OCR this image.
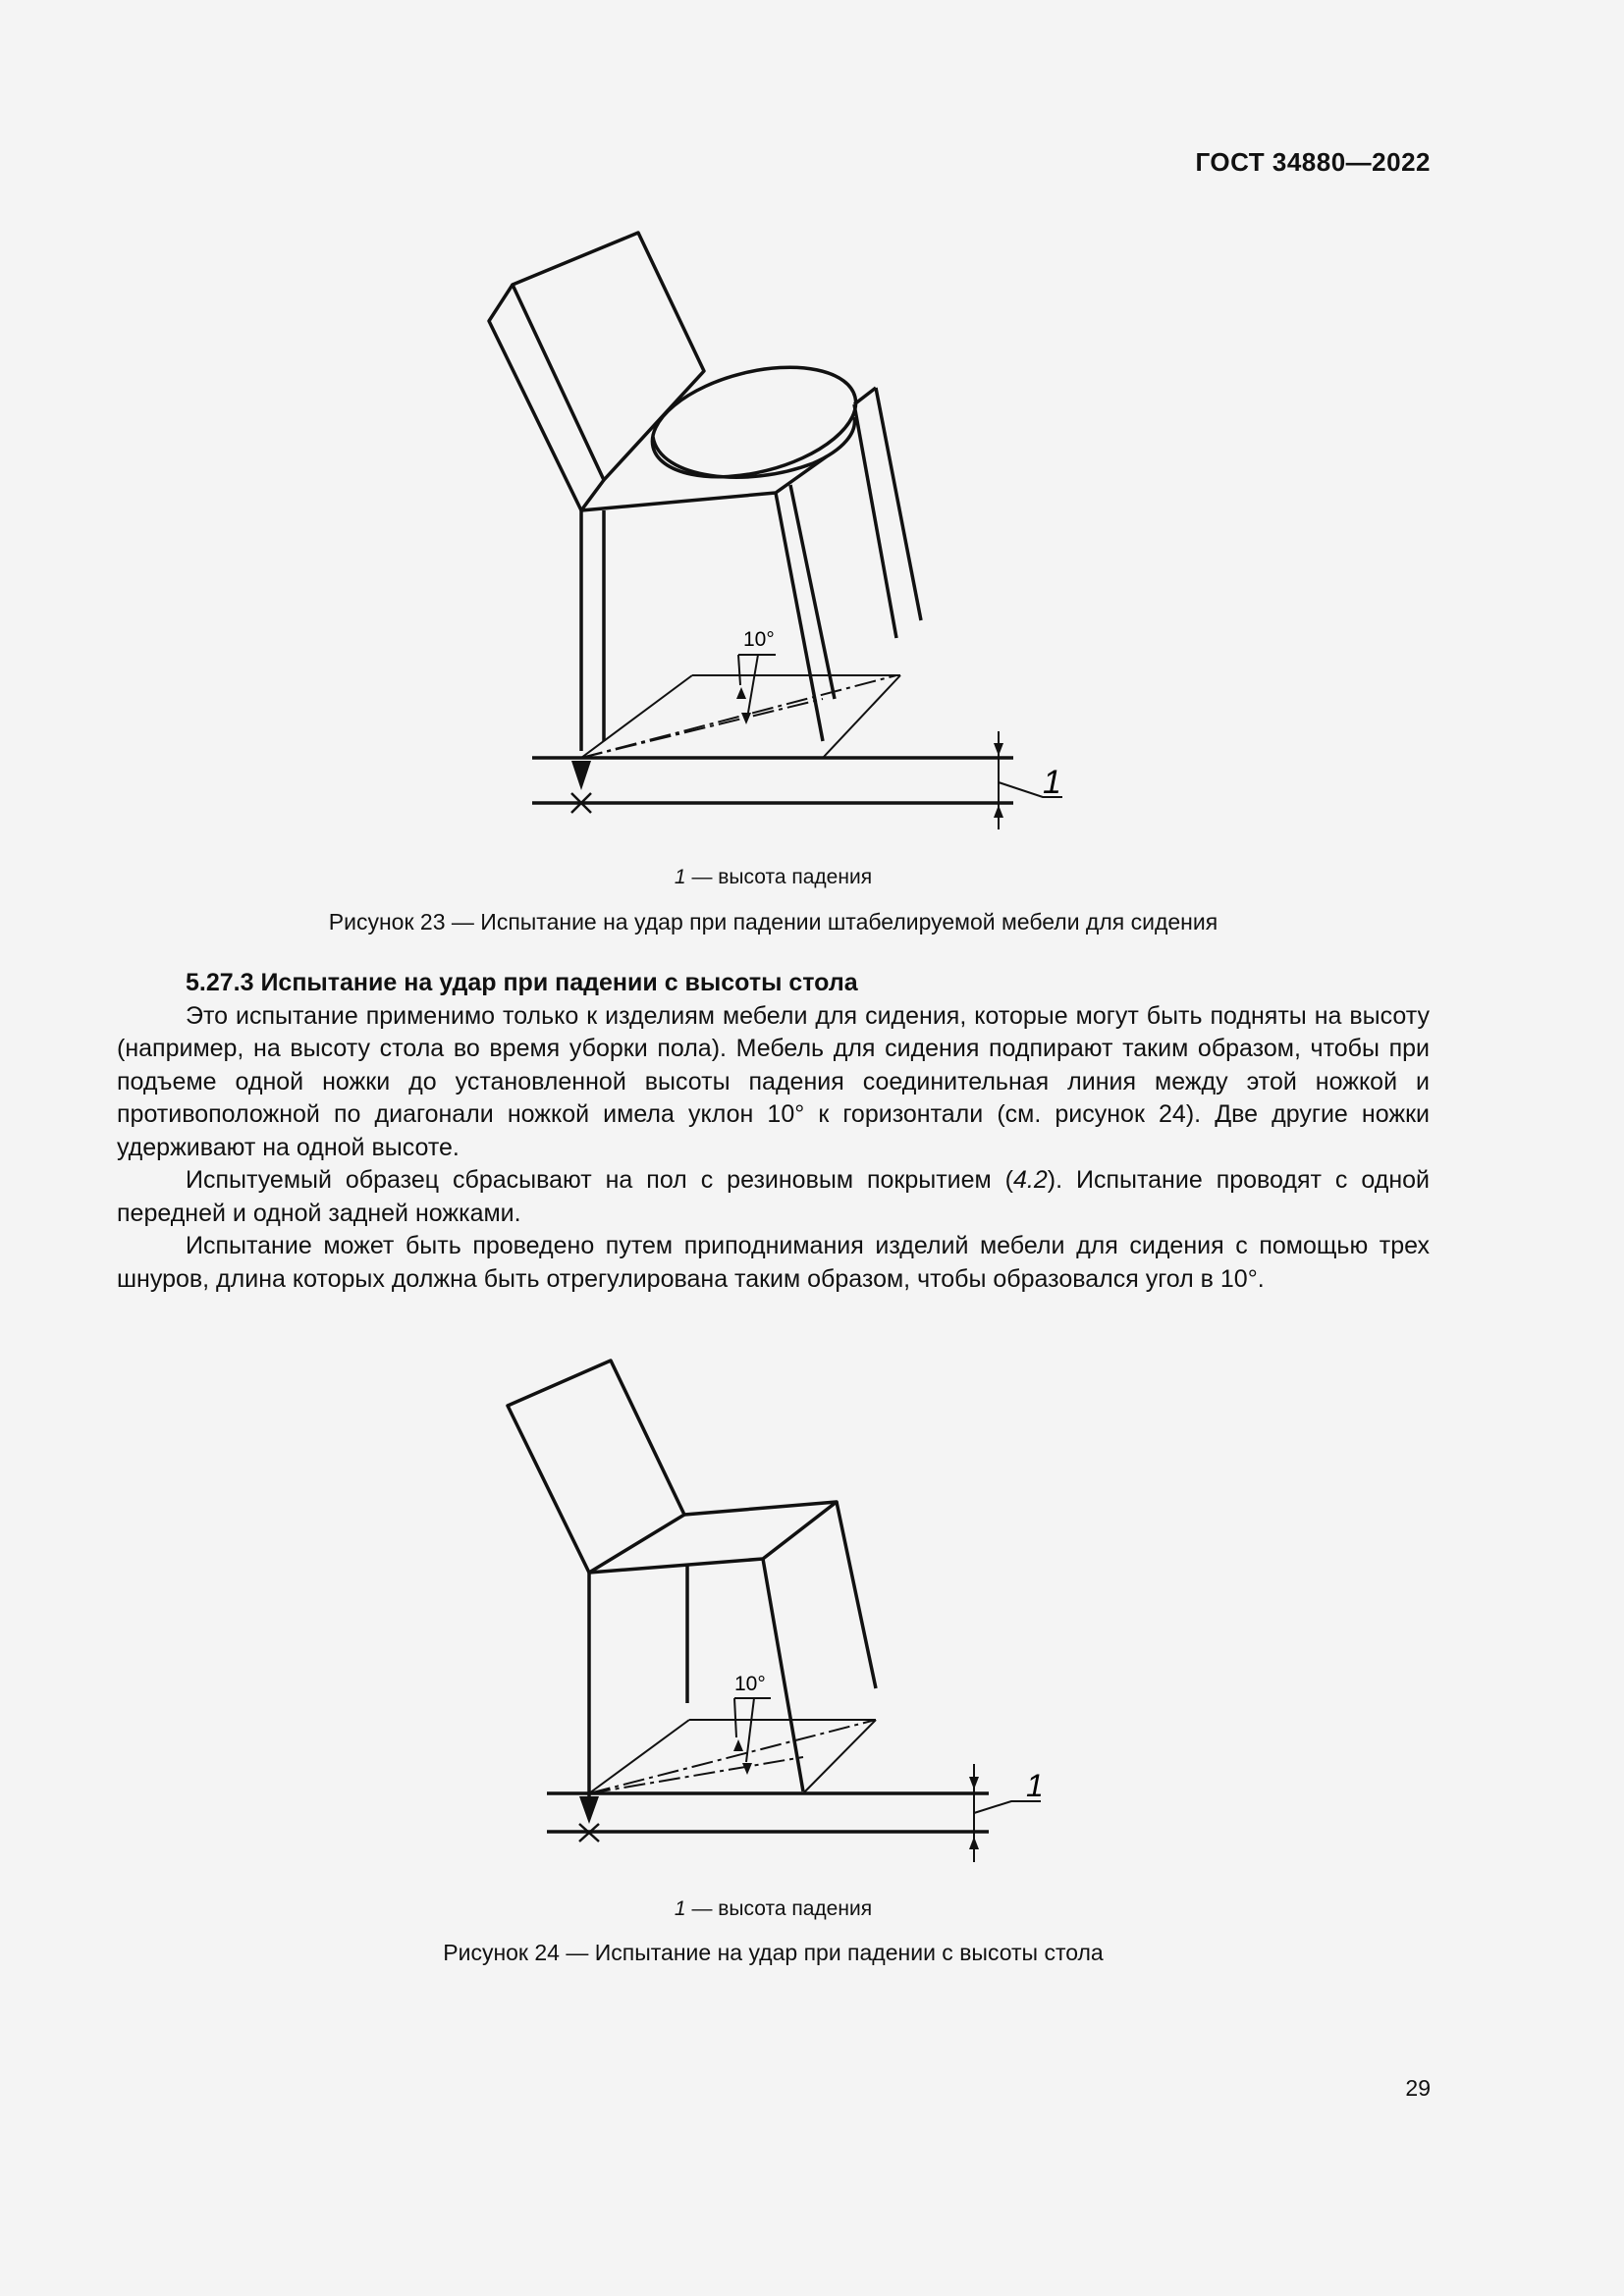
ГОСТ 34880—2022
10°
1
1 — высота падения
Рисунок 23 — Испытание на удар при падении штабелируемой мебели для сидения

5.27.3 Испытание на удар при падении с высоты стола

Это испытание применимо только к изделиям мебели для сидения, которые могут быть подняты на высоту (например, на высоту стола во время уборки пола). Мебель для сидения подпирают таким образом, чтобы при подъеме одной ножки до установленной высоты падения соединительная линия между этой ножкой и противоположной по диагонали ножкой имела уклон 10° к горизонтали (см. рисунок 24). Две другие ножки удерживают на одной высоте.

Испытуемый образец сбрасывают на пол с резиновым покрытием (4.2). Испытание проводят с одной передней и одной задней ножками.

Испытание может быть проведено путем приподнимания изделий мебели для сидения с помощью трех шнуров, длина которых должна быть отрегулирована таким образом, чтобы образовался угол в 10°.

10°
1
1 — высота падения
Рисунок 24 — Испытание на удар при падении с высоты стола
29
